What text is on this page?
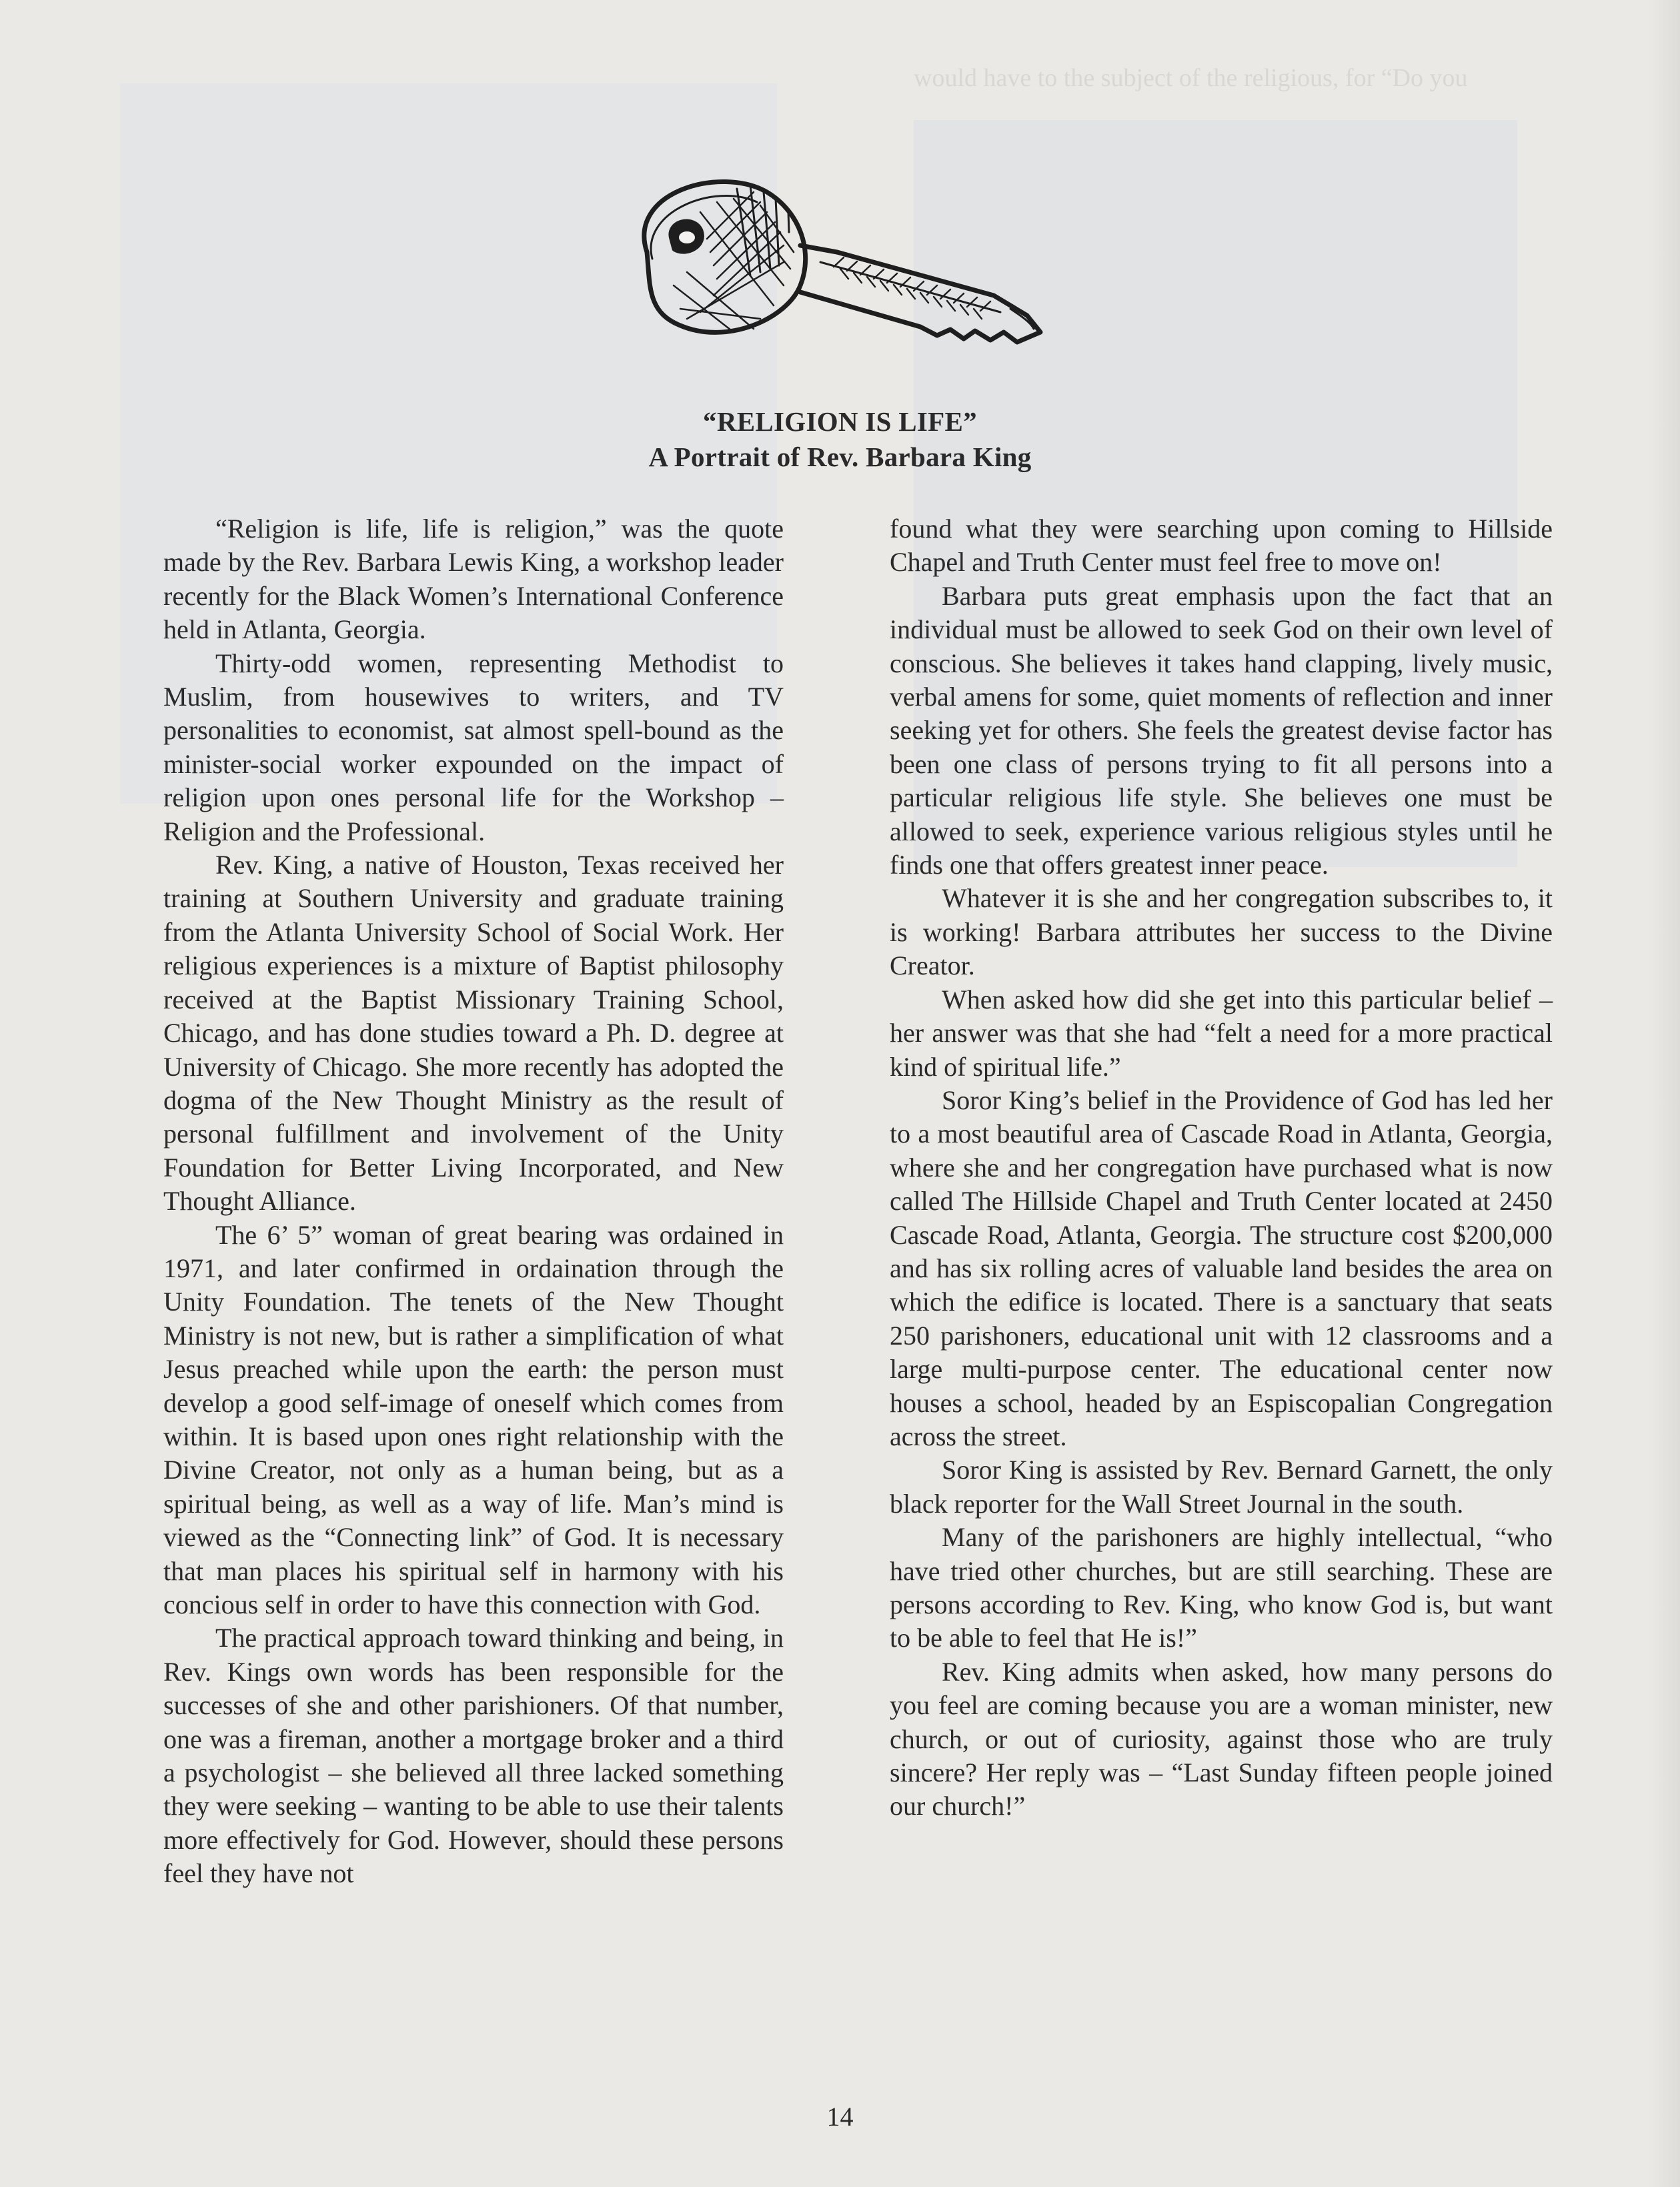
would have to the subject of the religious, for “Do you
“RELIGION IS LIFE”
A Portrait of Rev. Barbara King

“Religion is life, life is religion,” was the quote made by the Rev. Barbara Lewis King, a workshop leader recently for the Black Women’s International Conference held in Atlanta, Georgia.

Thirty-odd women, representing Methodist to Muslim, from housewives to writers, and TV personalities to economist, sat almost spell-bound as the minister-social worker expounded on the impact of religion upon ones personal life for the Workshop – Religion and the Professional.

Rev. King, a native of Houston, Texas received her training at Southern University and graduate training from the Atlanta University School of Social Work. Her religious experiences is a mixture of Baptist philosophy received at the Baptist Missionary Training School, Chicago, and has done studies toward a Ph. D. degree at University of Chicago. She more recently has adopted the dogma of the New Thought Ministry as the result of personal fulfillment and involvement of the Unity Foundation for Better Living Incorporated, and New Thought Alliance.

The 6’ 5” woman of great bearing was ordained in 1971, and later confirmed in ordaination through the Unity Foundation. The tenets of the New Thought Ministry is not new, but is rather a simplification of what Jesus preached while upon the earth: the person must develop a good self-image of oneself which comes from within. It is based upon ones right relationship with the Divine Creator, not only as a human being, but as a spiritual being, as well as a way of life. Man’s mind is viewed as the “Connecting link” of God. It is necessary that man places his spiritual self in harmony with his concious self in order to have this connection with God.

The practical approach toward thinking and being, in Rev. Kings own words has been responsible for the successes of she and other parishioners. Of that number, one was a fireman, another a mortgage broker and a third a psychologist – she believed all three lacked something they were seeking – wanting to be able to use their talents more effectively for God. However, should these persons feel they have not

found what they were searching upon coming to Hillside Chapel and Truth Center must feel free to move on!

Barbara puts great emphasis upon the fact that an individual must be allowed to seek God on their own level of conscious. She believes it takes hand clapping, lively music, verbal amens for some, quiet moments of reflection and inner seeking yet for others. She feels the greatest devise factor has been one class of persons trying to fit all persons into a particular religious life style. She believes one must be allowed to seek, experience various religious styles until he finds one that offers greatest inner peace.

Whatever it is she and her congregation subscribes to, it is working! Barbara attributes her success to the Divine Creator.

When asked how did she get into this particular belief – her answer was that she had “felt a need for a more practical kind of spiritual life.”

Soror King’s belief in the Providence of God has led her to a most beautiful area of Cascade Road in Atlanta, Georgia, where she and her congregation have purchased what is now called The Hillside Chapel and Truth Center located at 2450 Cascade Road, Atlanta, Georgia. The structure cost $200,000 and has six rolling acres of valuable land besides the area on which the edifice is located. There is a sanctuary that seats 250 parishoners, educational unit with 12 classrooms and a large multi-purpose center. The educational center now houses a school, headed by an Espiscopalian Congregation across the street.

Soror King is assisted by Rev. Bernard Garnett, the only black reporter for the Wall Street Journal in the south.

Many of the parishoners are highly intellectual, “who have tried other churches, but are still searching. These are persons according to Rev. King, who know God is, but want to be able to feel that He is!”

Rev. King admits when asked, how many persons do you feel are coming because you are a woman minister, new church, or out of curiosity, against those who are truly sincere? Her reply was – “Last Sunday fifteen people joined our church!”

14
